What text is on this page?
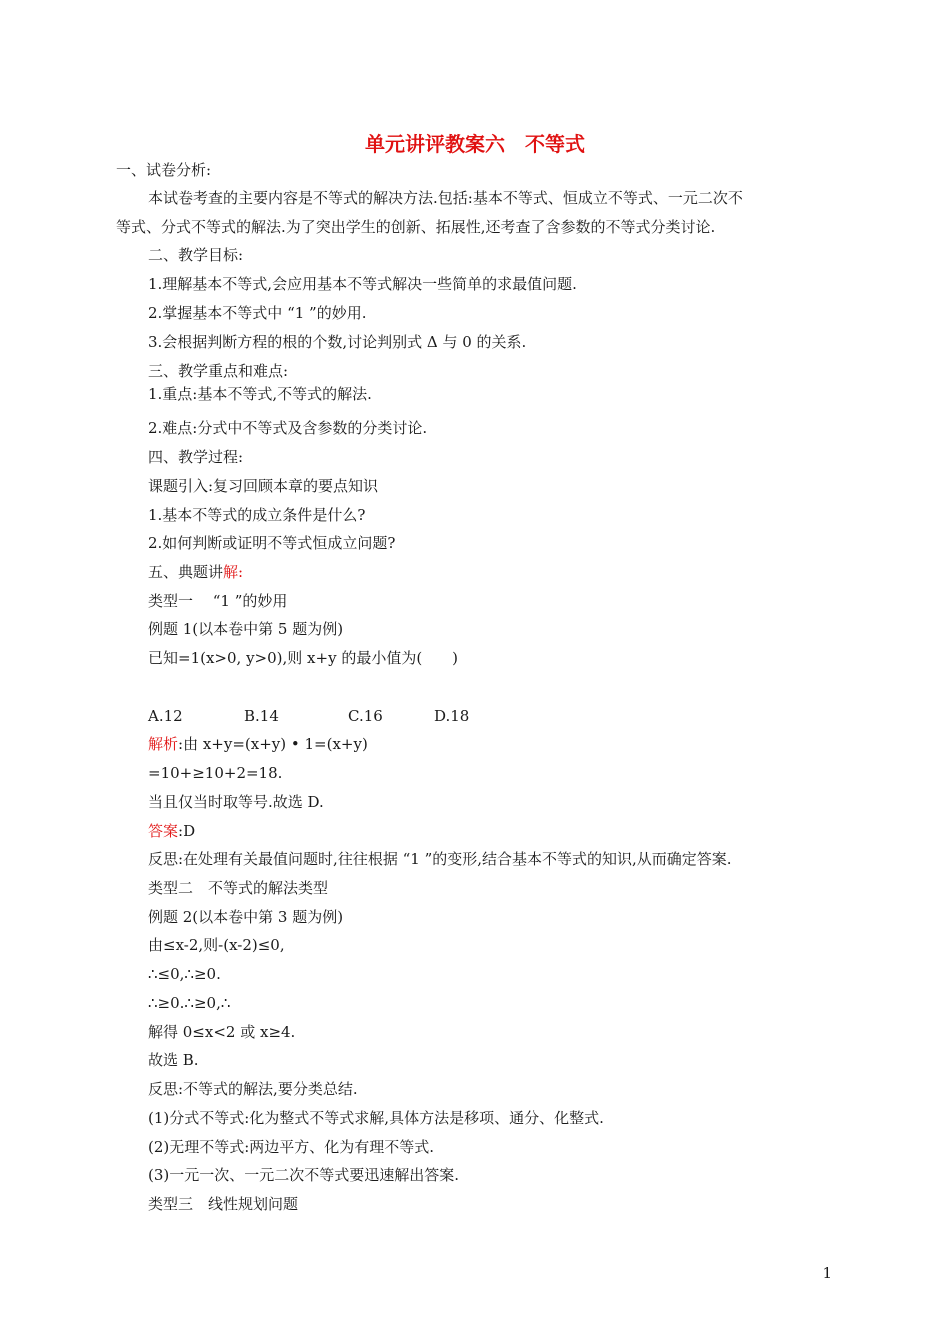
单元讲评教案六　不等式
一、试卷分析:
本试卷考查的主要内容是不等式的解决方法.包括:基本不等式、恒成立不等式、一元二次不
等式、分式不等式的解法.为了突出学生的创新、拓展性,还考查了含参数的不等式分类讨论.
二、教学目标:
1.理解基本不等式,会应用基本不等式解决一些简单的求最值问题.
2.掌握基本不等式中 “1 ”的妙用.
3.会根据判断方程的根的个数,讨论判别式 Δ 与 0 的关系.
三、教学重点和难点:
1.重点:基本不等式,不等式的解法.
2.难点:分式中不等式及含参数的分类讨论.
四、教学过程:
课题引入:复习回顾本章的要点知识
1.基本不等式的成立条件是什么?
2.如何判断或证明不等式恒成立问题?
五、典题讲解:
类型一　 “1 ”的妙用
例题 1(以本卷中第 5 题为例)
已知=1(x>0, y>0),则 x+y 的最小值为(　　)
A.12	B.14	C.16	D.18
解析:由 x+y=(x+y) • 1=(x+y)
=10+≥10+2=18.
当且仅当时取等号.故选 D.
答案:D
反思:在处理有关最值问题时,往往根据 “1 ”的变形,结合基本不等式的知识,从而确定答案.
类型二　不等式的解法类型
例题 2(以本卷中第 3 题为例)
由≤x-2,则-(x-2)≤0,
∴≤0,∴≥0.
∴≥0.∴≥0,∴
解得 0≤x<2 或 x≥4.
故选 B.
反思:不等式的解法,要分类总结.
(1)分式不等式:化为整式不等式求解,具体方法是移项、通分、化整式.
(2)无理不等式:两边平方、化为有理不等式.
(3)一元一次、一元二次不等式要迅速解出答案.
类型三　线性规划问题
1
